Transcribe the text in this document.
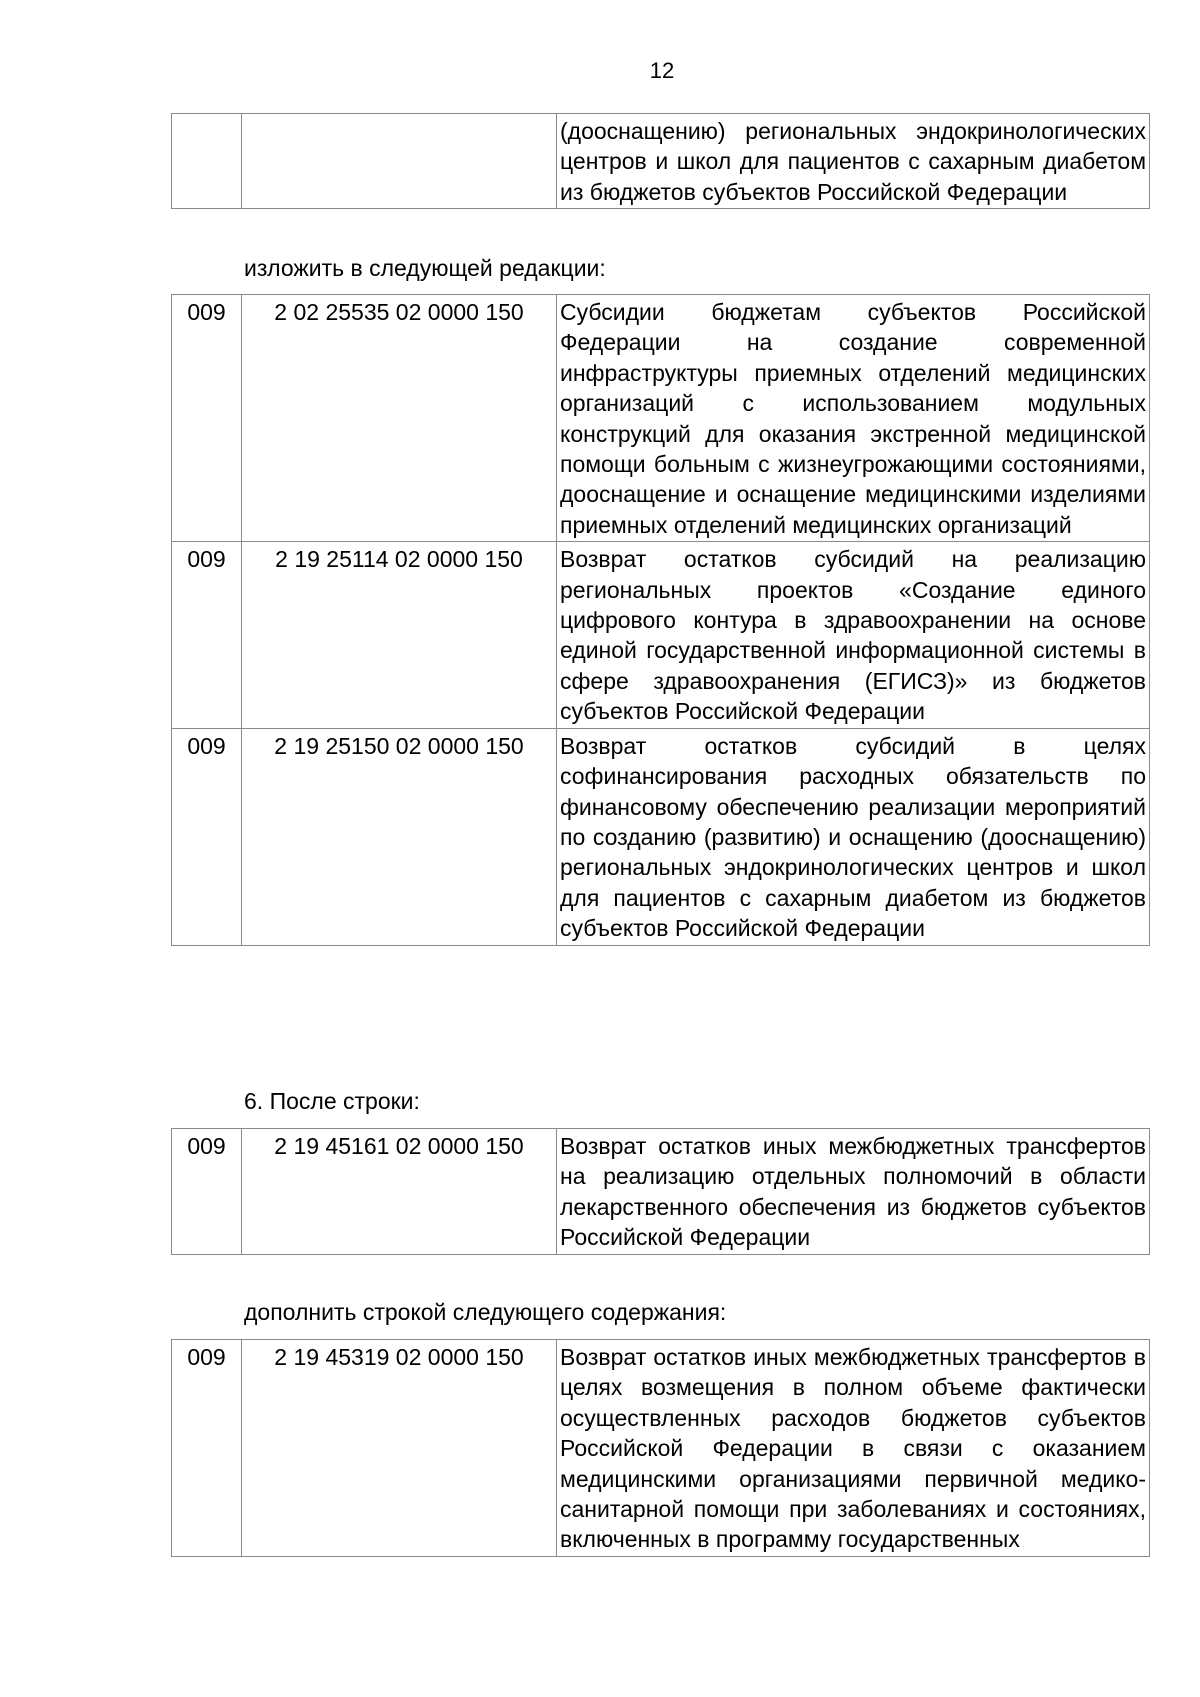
12
		(дооснащению) региональных эндокринологических центров и школ для пациентов с сахарным диабетом из бюджетов субъектов Российской Федерации
изложить в следующей редакции:
009	2 02 25535 02 0000 150	Субсидии бюджетам субъектов Российской Федерации на создание современной инфраструктуры приемных отделений медицинских организаций с использованием модульных конструкций для оказания экстренной медицинской помощи больным с жизнеугрожающими состояниями, дооснащение и оснащение медицинскими изделиями приемных отделений медицинских организаций
009	2 19 25114 02 0000 150	Возврат остатков субсидий на реализацию региональных проектов «Создание единого цифрового контура в здравоохранении на основе единой государственной информационной системы в сфере здравоохранения (ЕГИСЗ)» из бюджетов субъектов Российской Федерации
009	2 19 25150 02 0000 150	Возврат остатков субсидий в целях софинансирования расходных обязательств по финансовому обеспечению реализации мероприятий по созданию (развитию) и оснащению (дооснащению) региональных эндокринологических центров и школ для пациентов с сахарным диабетом из бюджетов субъектов Российской Федерации
6. После строки:
009	2 19 45161 02 0000 150	Возврат остатков иных межбюджетных трансфертов на реализацию отдельных полномочий в области лекарственного обеспечения из бюджетов субъектов Российской Федерации
дополнить строкой следующего содержания:
009	2 19 45319 02 0000 150	Возврат остатков иных межбюджетных трансфертов в целях возмещения в полном объеме фактически осуществленных расходов бюджетов субъектов Российской Федерации в связи с оказанием медицинскими организациями первичной медико-санитарной помощи при заболеваниях и состояниях, включенных в программу государственных
